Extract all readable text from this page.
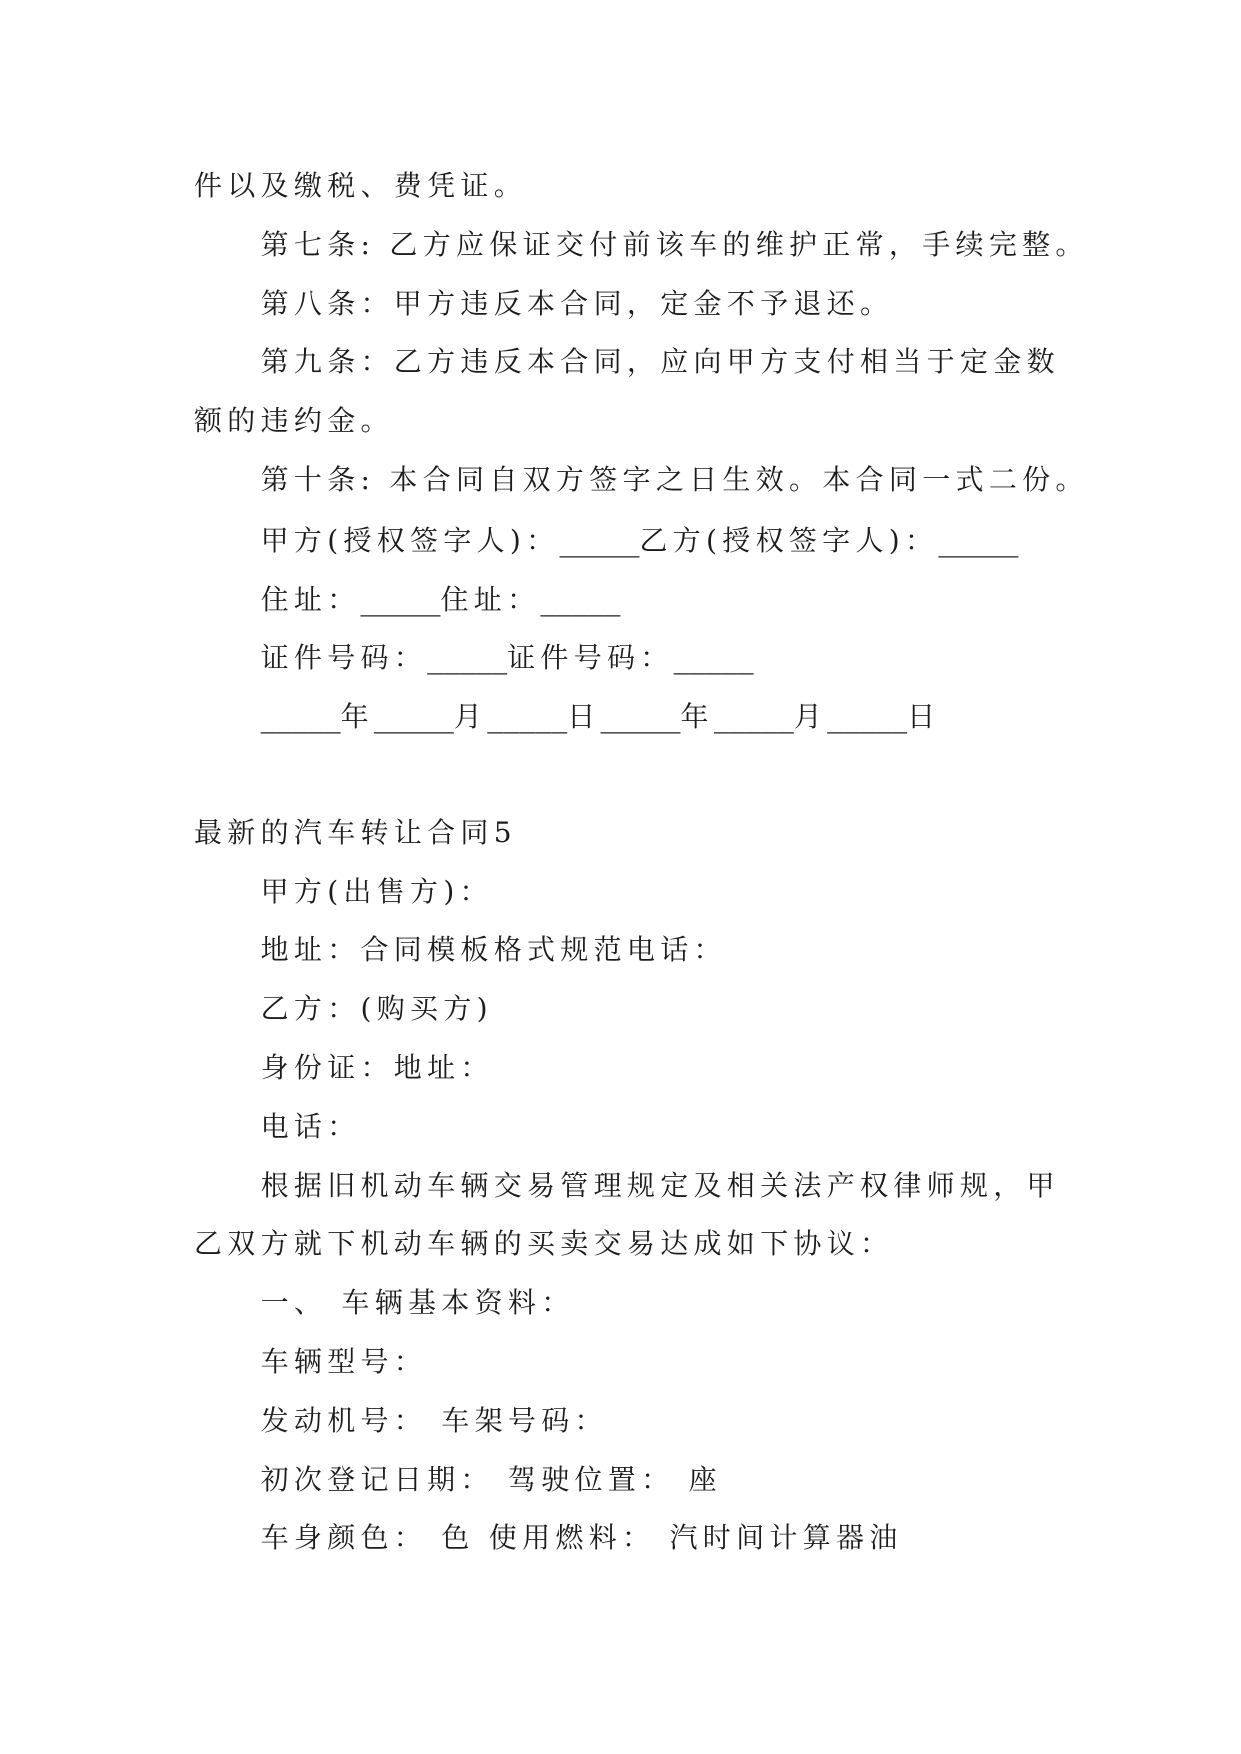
件以及缴税、费凭证。
第七条: 乙方应保证交付前该车的维护正常，手续完整。
第八条：甲方违反本合同，定金不予退还。
第九条：乙方违反本合同，应向甲方支付相当于定金数
额的违约金。
第十条: 本合同自双方签字之日生效。本合同一式二份。
甲方(授权签字人)：_____乙方(授权签字人)：_____
住址：_____住址：_____
证件号码：_____证件号码：_____
_____年_____月_____日_____年_____月_____日
最新的汽车转让合同5
甲方(出售方)：
地址：合同模板格式规范电话：
乙方：(购买方)
身份证：地址：
电话：
根据旧机动车辆交易管理规定及相关法产权律师规，甲
乙双方就下机动车辆的买卖交易达成如下协议：
一、 车辆基本资料：
车辆型号：
发动机号： 车架号码：
初次登记日期： 驾驶位置： 座
车身颜色： 色 使用燃料： 汽时间计算器油
